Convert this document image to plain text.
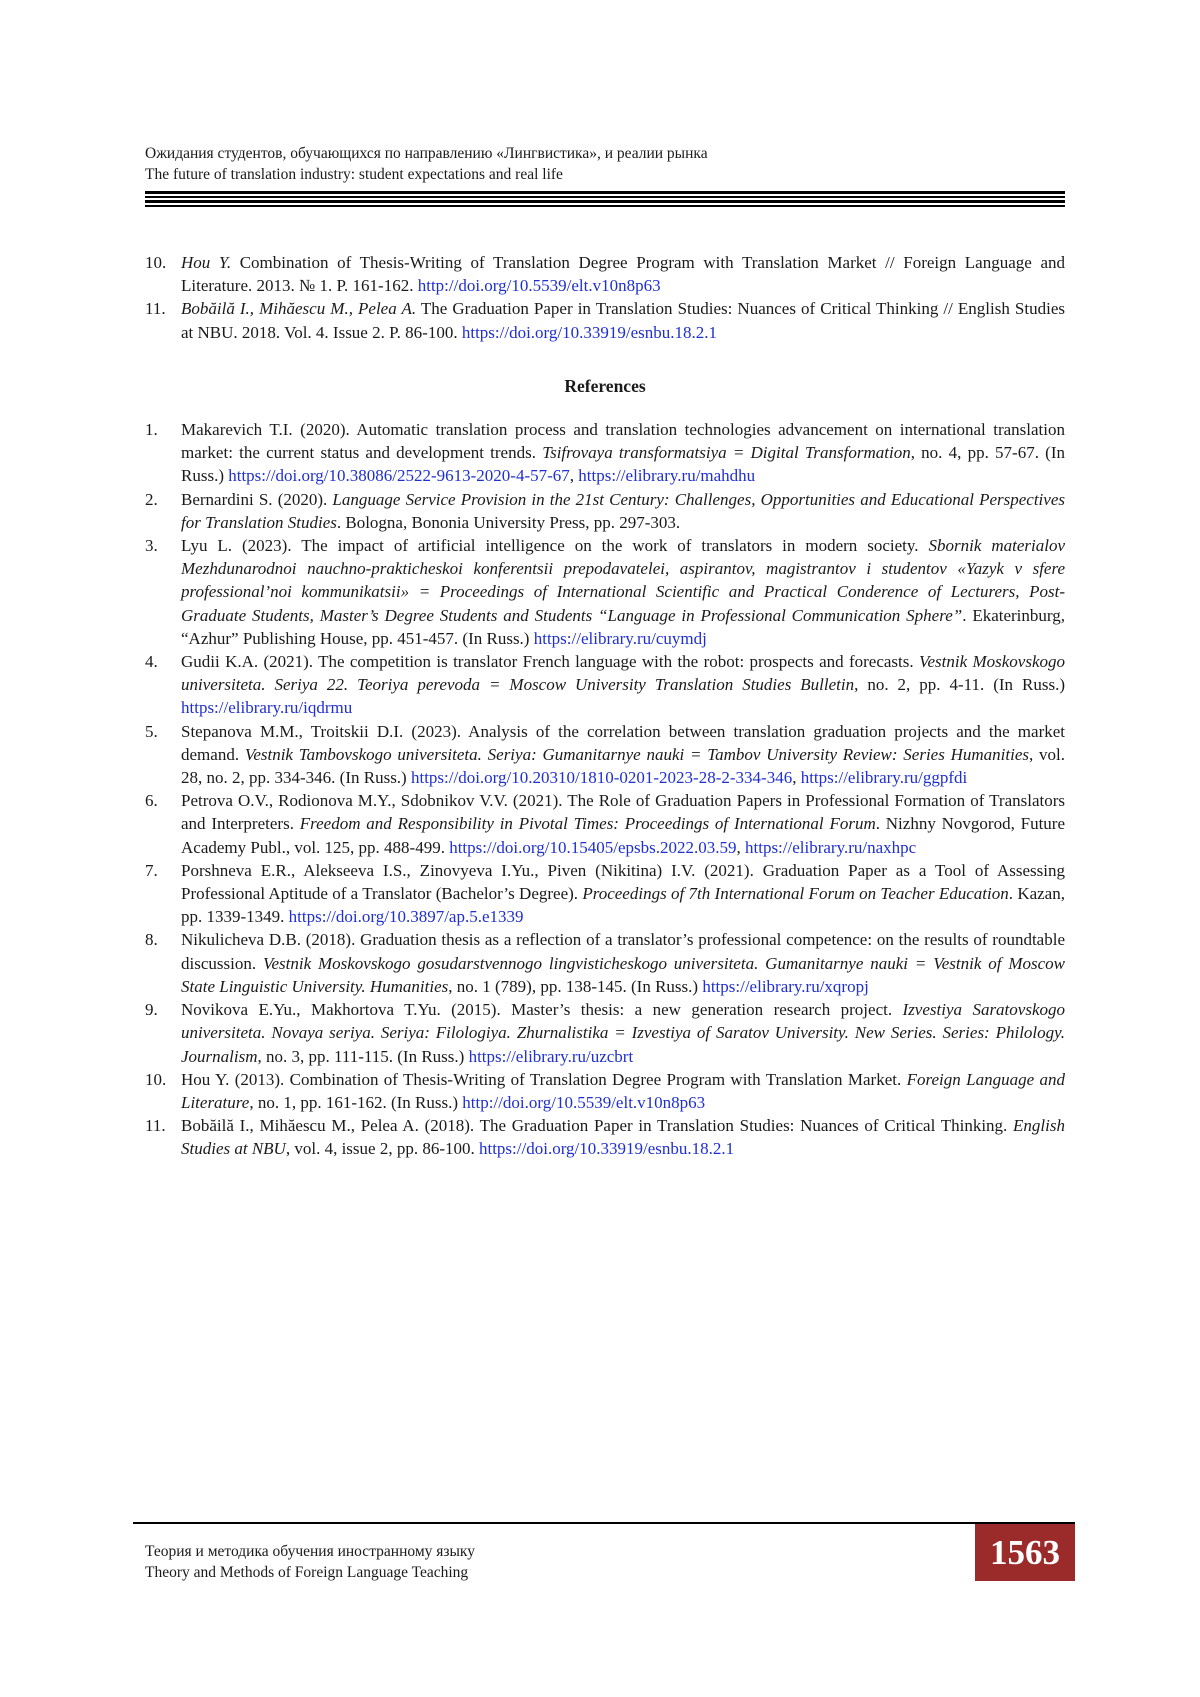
Ожидания студентов, обучающихся по направлению «Лингвистика», и реалии рынка
The future of translation industry: student expectations and real life
10. Hou Y. Combination of Thesis-Writing of Translation Degree Program with Translation Market // Foreign Language and Literature. 2013. № 1. P. 161-162. http://doi.org/10.5539/elt.v10n8p63
11. Bobăilă I., Mihăescu M., Pelea A. The Graduation Paper in Translation Studies: Nuances of Critical Thinking // English Studies at NBU. 2018. Vol. 4. Issue 2. P. 86-100. https://doi.org/10.33919/esnbu.18.2.1
References
1.	Makarevich T.I. (2020). Automatic translation process and translation technologies advancement on international translation market: the current status and development trends. Tsifrovaya transformatsiya = Digital Transformation, no. 4, pp. 57-67. (In Russ.) https://doi.org/10.38086/2522-9613-2020-4-57-67, https://elibrary.ru/mahdhu
2.	Bernardini S. (2020). Language Service Provision in the 21st Century: Challenges, Opportunities and Educational Perspectives for Translation Studies. Bologna, Bononia University Press, pp. 297-303.
3.	Lyu L. (2023). The impact of artificial intelligence on the work of translators in modern society. Sbornik materialov Mezhdunarodnoi nauchno-prakticheskoi konferentsii prepodavatelei, aspirantov, magistrantov i studentov «Yazyk v sfere professional’noi kommunikatsii» = Proceedings of International Scientific and Practical Conderence of Lecturers, Post-Graduate Students, Master’s Degree Students and Students “Language in Professional Communication Sphere”. Ekaterinburg, “Azhur” Publishing House, pp. 451-457. (In Russ.) https://elibrary.ru/cuymdj
4.	Gudii K.A. (2021). The competition is translator French language with the robot: prospects and forecasts. Vestnik Moskovskogo universiteta. Seriya 22. Teoriya perevoda = Moscow University Translation Studies Bulletin, no. 2, pp. 4-11. (In Russ.) https://elibrary.ru/iqdrmu
5.	Stepanova M.M., Troitskii D.I. (2023). Analysis of the correlation between translation graduation projects and the market demand. Vestnik Tambovskogo universiteta. Seriya: Gumanitarnye nauki = Tambov University Review: Series Humanities, vol. 28, no. 2, pp. 334-346. (In Russ.) https://doi.org/10.20310/1810-0201-2023-28-2-334-346, https://elibrary.ru/ggpfdi
6.	Petrova O.V., Rodionova M.Y., Sdobnikov V.V. (2021). The Role of Graduation Papers in Professional Formation of Translators and Interpreters. Freedom and Responsibility in Pivotal Times: Proceedings of International Forum. Nizhny Novgorod, Future Academy Publ., vol. 125, pp. 488-499. https://doi.org/10.15405/epsbs.2022.03.59, https://elibrary.ru/naxhpc
7.	Porshneva E.R., Alekseeva I.S., Zinovyeva I.Yu., Piven (Nikitina) I.V. (2021). Graduation Paper as a Tool of Assessing Professional Aptitude of a Translator (Bachelor’s Degree). Proceedings of 7th International Forum on Teacher Education. Kazan, pp. 1339-1349. https://doi.org/10.3897/ap.5.e1339
8.	Nikulicheva D.B. (2018). Graduation thesis as a reflection of a translator’s professional competence: on the results of roundtable discussion. Vestnik Moskovskogo gosudarstvennogo lingvisticheskogo universiteta. Gumanitarnye nauki = Vestnik of Moscow State Linguistic University. Humanities, no. 1 (789), pp. 138-145. (In Russ.) https://elibrary.ru/xqropj
9.	Novikova E.Yu., Makhortova T.Yu. (2015). Master’s thesis: a new generation research project. Izvestiya Saratovskogo universiteta. Novaya seriya. Seriya: Filologiya. Zhurnalistika = Izvestiya of Saratov University. New Series. Series: Philology. Journalism, no. 3, pp. 111-115. (In Russ.) https://elibrary.ru/uzcbrt
10. Hou Y. (2013). Combination of Thesis-Writing of Translation Degree Program with Translation Market. Foreign Language and Literature, no. 1, pp. 161-162. (In Russ.) http://doi.org/10.5539/elt.v10n8p63
11. Bobăilă I., Mihăescu M., Pelea A. (2018). The Graduation Paper in Translation Studies: Nuances of Critical Thinking. English Studies at NBU, vol. 4, issue 2, pp. 86-100. https://doi.org/10.33919/esnbu.18.2.1
Теория и методика обучения иностранному языку
Theory and Methods of Foreign Language Teaching
1563
